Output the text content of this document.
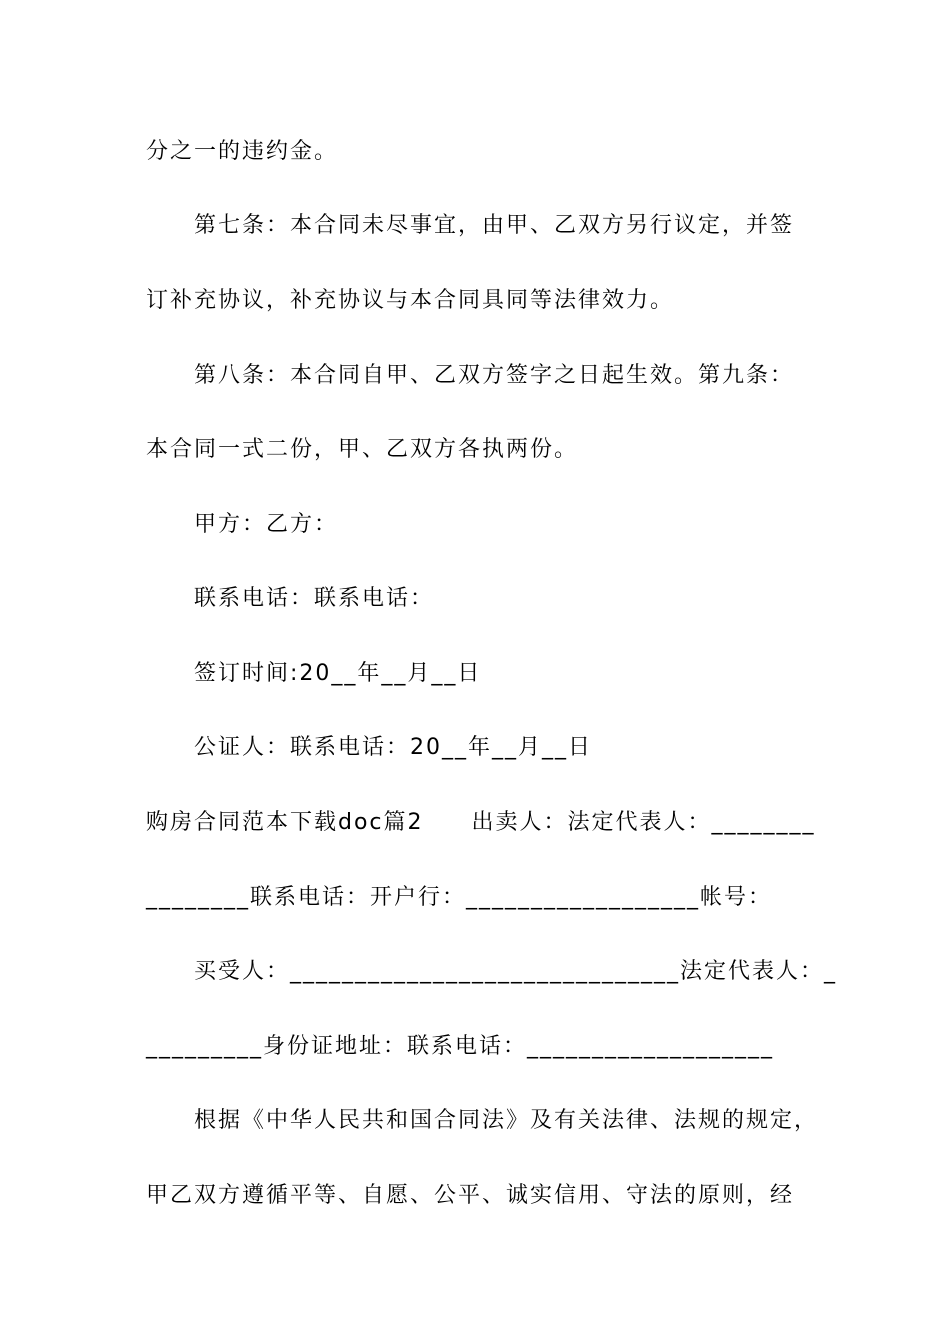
分之一的违约金。
第七条：本合同未尽事宜，由甲、乙双方另行议定，并签
订补充协议，补充协议与本合同具同等法律效力。
第八条：本合同自甲、乙双方签字之日起生效。第九条：
本合同一式二份，甲、乙双方各执两份。
甲方：乙方：
联系电话：联系电话：
签订时间:20__年__月__日
公证人：联系电话：20__年__月__日
购房合同范本下载doc篇2　　出卖人：法定代表人：________
________联系电话：开户行：__________________帐号：
买受人：______________________________法定代表人：_
_________身份证地址：联系电话：___________________
根据《中华人民共和国合同法》及有关法律、法规的规定，
甲乙双方遵循平等、自愿、公平、诚实信用、守法的原则，经
